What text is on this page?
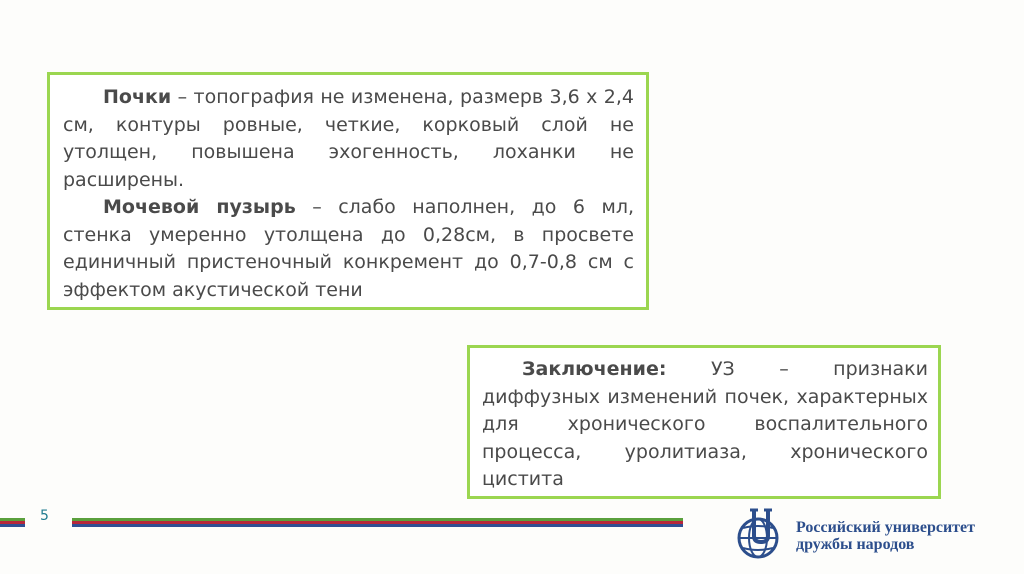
Почки – топография не изменена, размерв 3,6 х 2,4 см, контуры ровные, четкие, корковый слой не утолщен, повышена эхогенность, лоханки не расширены.

Мочевой пузырь – слабо наполнен, до 6 мл, стенка умеренно утолщена до 0,28см, в просвете единичный пристеночный конкремент до 0,7-0,8 см с эффектом акустической тени

Заключение: УЗ – признаки диффузных изменений почек, характерных для хронического воспалительного процесса, уролитиаза, хронического цистита

5
Российский университет
дружбы народов
